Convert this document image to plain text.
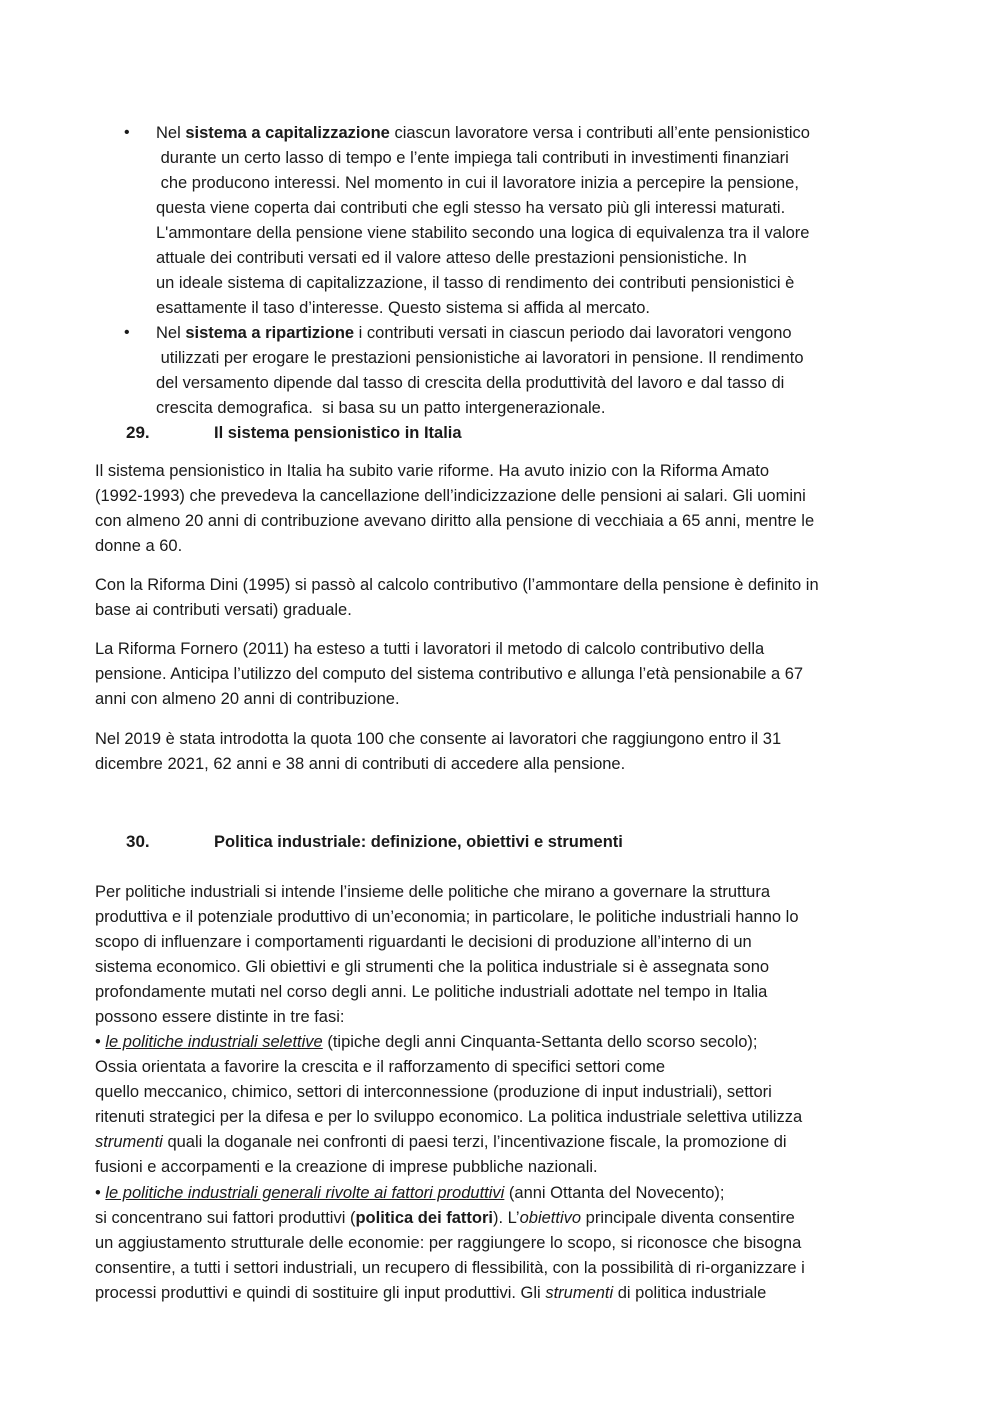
• Nel sistema a capitalizzazione ciascun lavoratore versa i contributi all’ente pensionistico
durante un certo lasso di tempo e l’ente impiega tali contributi in investimenti finanziari
che producono interessi. Nel momento in cui il lavoratore inizia a percepire la pensione,
questa viene coperta dai contributi che egli stesso ha versato più gli interessi maturati.
L'ammontare della pensione viene stabilito secondo una logica di equivalenza tra il valore
attuale dei contributi versati ed il valore atteso delle prestazioni pensionistiche. In
un ideale sistema di capitalizzazione, il tasso di rendimento dei contributi pensionistici è
esattamente il taso d’interesse. Questo sistema si affida al mercato.
• Nel sistema a ripartizione i contributi versati in ciascun periodo dai lavoratori vengono
utilizzati per erogare le prestazioni pensionistiche ai lavoratori in pensione. Il rendimento
del versamento dipende dal tasso di crescita della produttività del lavoro e dal tasso di
crescita demografica.  si basa su un patto intergenerazionale.
29.	Il sistema pensionistico in Italia
Il sistema pensionistico in Italia ha subito varie riforme. Ha avuto inizio con la Riforma Amato
(1992-1993) che prevedeva la cancellazione dell’indicizzazione delle pensioni ai salari. Gli uomini
con almeno 20 anni di contribuzione avevano diritto alla pensione di vecchiaia a 65 anni, mentre le
donne a 60.
Con la Riforma Dini (1995) si passò al calcolo contributivo (l’ammontare della pensione è definito in
base ai contributi versati) graduale.
La Riforma Fornero (2011) ha esteso a tutti i lavoratori il metodo di calcolo contributivo della
pensione. Anticipa l’utilizzo del computo del sistema contributivo e allunga l’età pensionabile a 67
anni con almeno 20 anni di contribuzione.
Nel 2019 è stata introdotta la quota 100 che consente ai lavoratori che raggiungono entro il 31
dicembre 2021, 62 anni e 38 anni di contributi di accedere alla pensione.
30.	Politica industriale: definizione, obiettivi e strumenti
Per politiche industriali si intende l’insieme delle politiche che mirano a governare la struttura
produttiva e il potenziale produttivo di un’economia; in particolare, le politiche industriali hanno lo
scopo di influenzare i comportamenti riguardanti le decisioni di produzione all’interno di un
sistema economico. Gli obiettivi e gli strumenti che la politica industriale si è assegnata sono
profondamente mutati nel corso degli anni. Le politiche industriali adottate nel tempo in Italia
possono essere distinte in tre fasi:
• le politiche industriali selettive (tipiche degli anni Cinquanta-Settanta dello scorso secolo);
Ossia orientata a favorire la crescita e il rafforzamento di specifici settori come
quello meccanico, chimico, settori di interconnessione (produzione di input industriali), settori
ritenuti strategici per la difesa e per lo sviluppo economico. La politica industriale selettiva utilizza
strumenti quali la doganale nei confronti di paesi terzi, l’incentivazione fiscale, la promozione di
fusioni e accorpamenti e la creazione di imprese pubbliche nazionali.
• le politiche industriali generali rivolte ai fattori produttivi (anni Ottanta del Novecento);
si concentrano sui fattori produttivi (politica dei fattori). L’obiettivo principale diventa consentire
un aggiustamento strutturale delle economie: per raggiungere lo scopo, si riconosce che bisogna
consentire, a tutti i settori industriali, un recupero di flessibilità, con la possibilità di ri-organizzare i
processi produttivi e quindi di sostituire gli input produttivi. Gli strumenti di politica industriale
